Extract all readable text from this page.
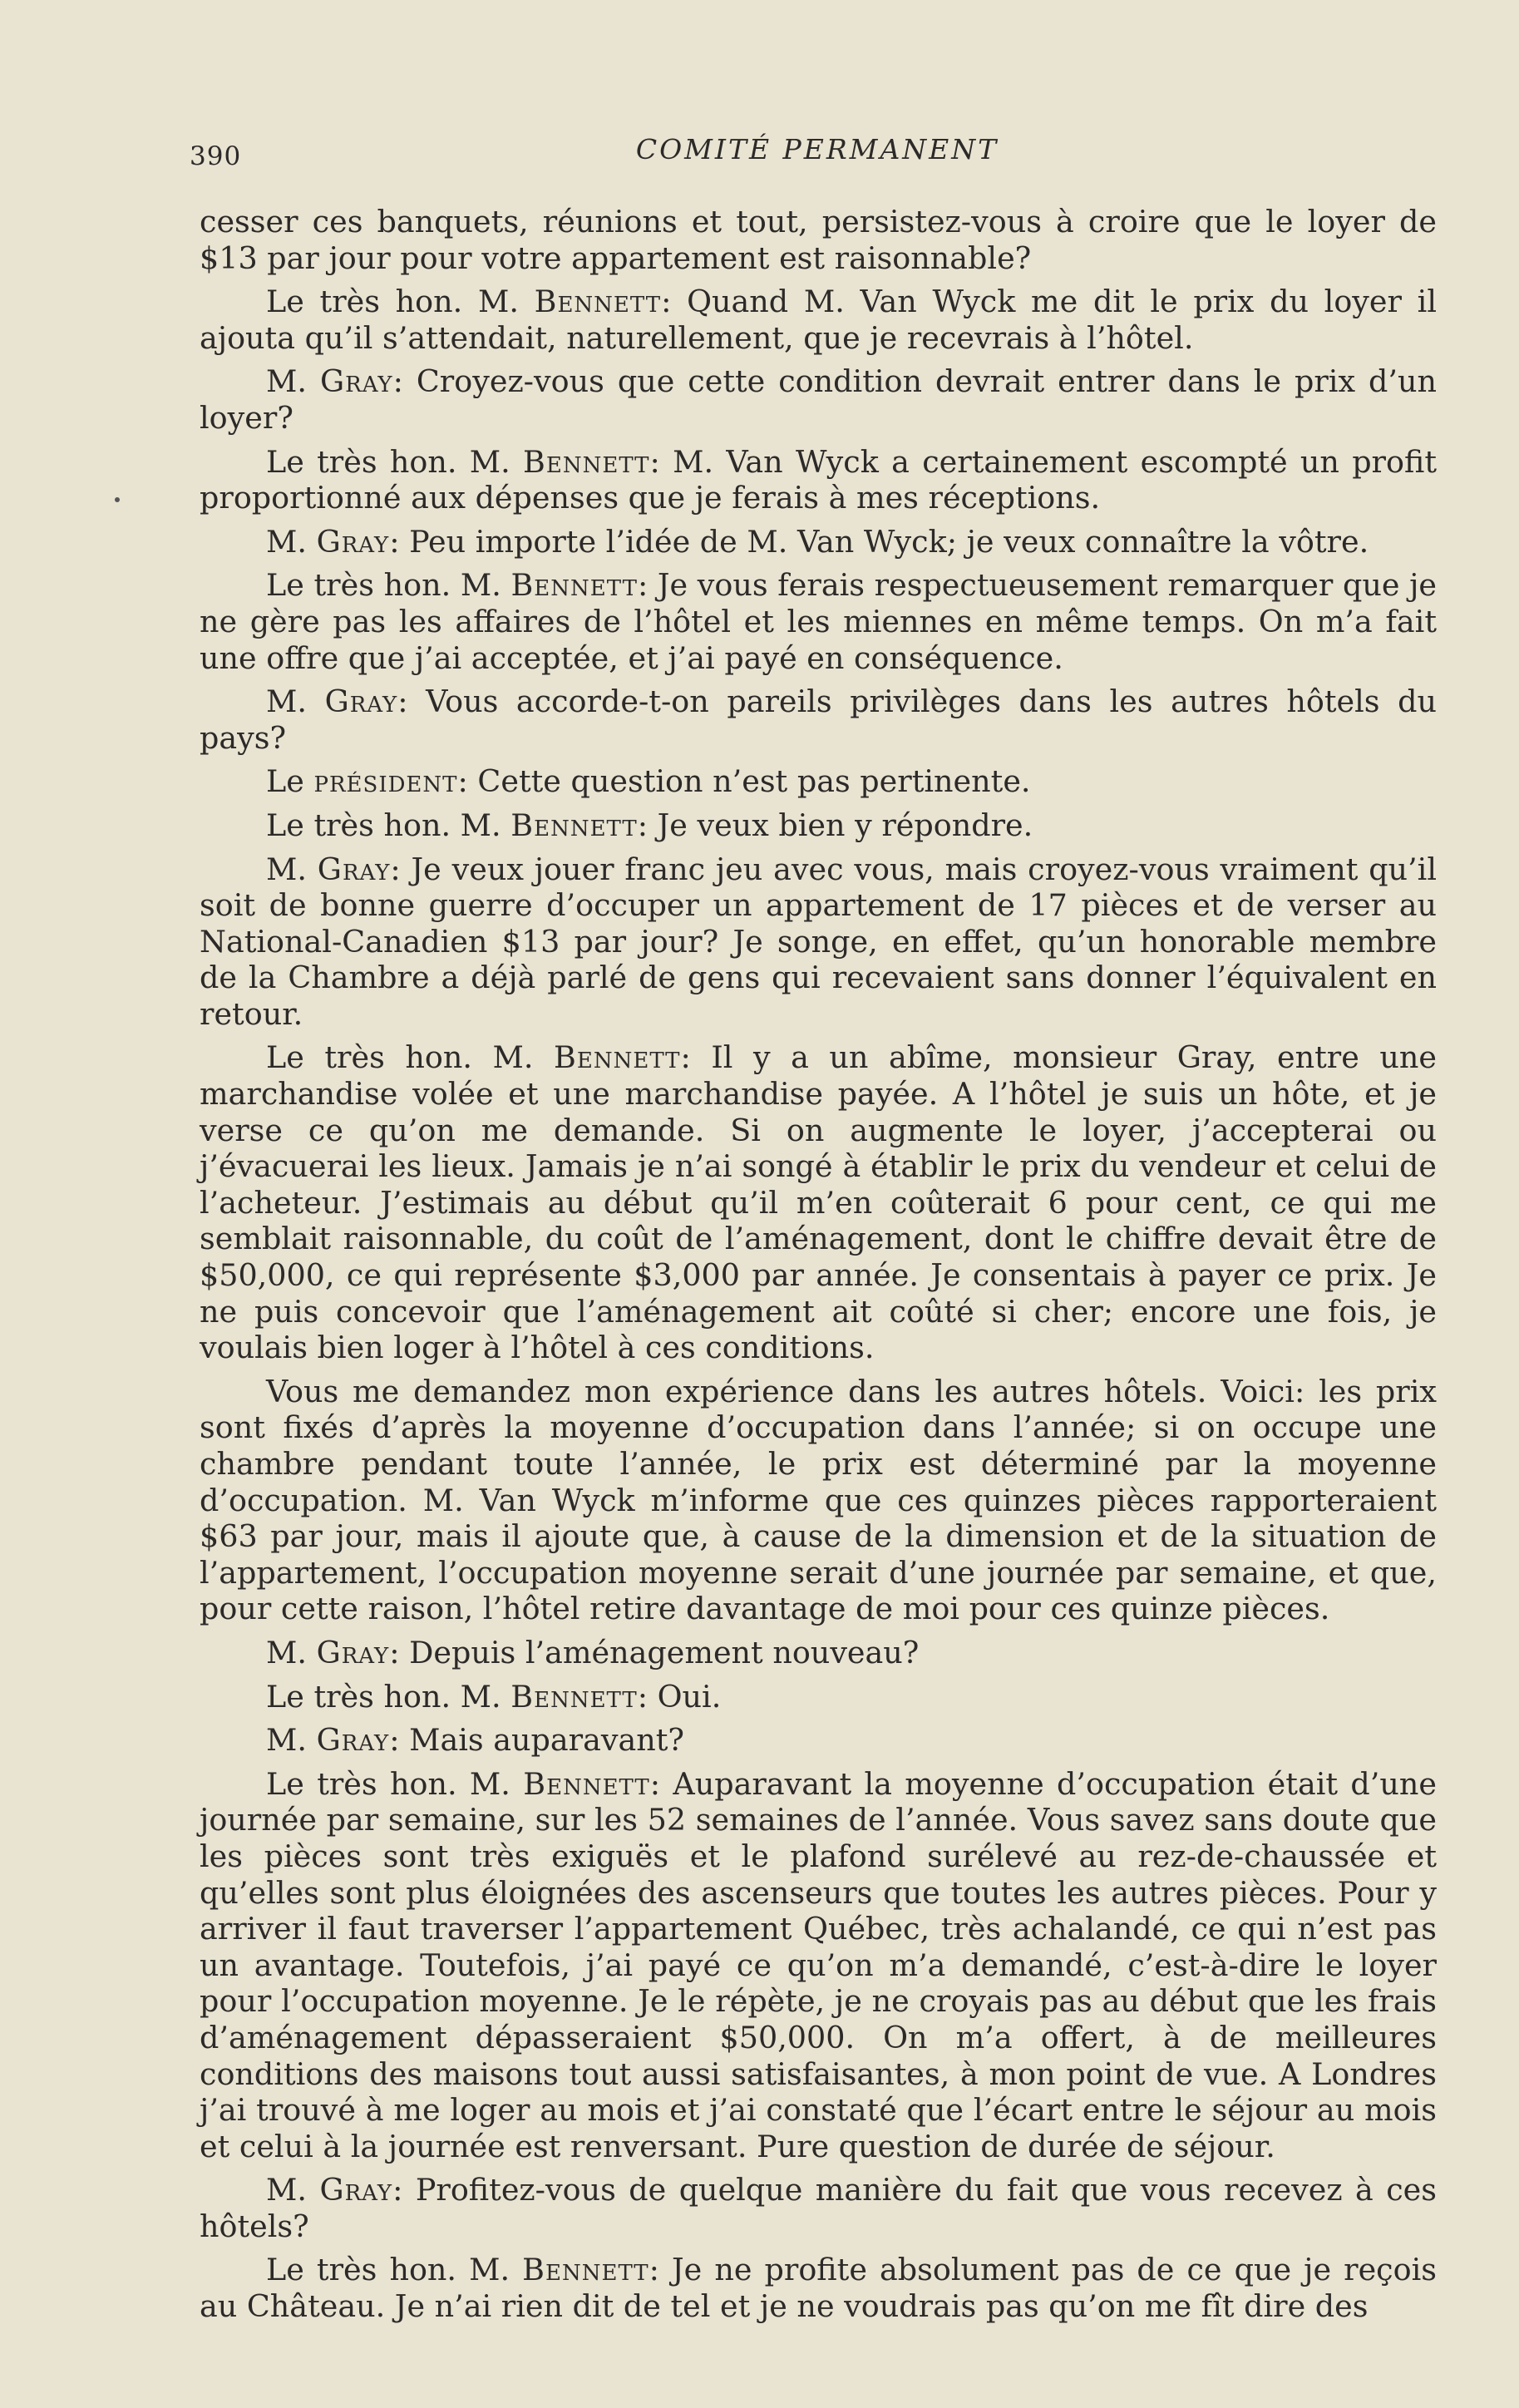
390	COMITÉ PERMANENT

cesser ces banquets, réunions et tout, persistez-vous à croire que le loyer de $13 par jour pour votre appartement est raisonnable?

Le très hon. M. Bennett: Quand M. Van Wyck me dit le prix du loyer il ajouta qu’il s’attendait, naturellement, que je recevrais à l’hôtel.

M. Gray: Croyez-vous que cette condition devrait entrer dans le prix d’un loyer?

Le très hon. M. Bennett: M. Van Wyck a certainement escompté un profit proportionné aux dépenses que je ferais à mes réceptions.

M. Gray: Peu importe l’idée de M. Van Wyck; je veux connaître la vôtre.

Le très hon. M. Bennett: Je vous ferais respectueusement remarquer que je ne gère pas les affaires de l’hôtel et les miennes en même temps. On m’a fait une offre que j’ai acceptée, et j’ai payé en conséquence.

M. Gray: Vous accorde-t-on pareils privilèges dans les autres hôtels du pays?

Le président: Cette question n’est pas pertinente.

Le très hon. M. Bennett: Je veux bien y répondre.

M. Gray: Je veux jouer franc jeu avec vous, mais croyez-vous vraiment qu’il soit de bonne guerre d’occuper un appartement de 17 pièces et de verser au National-Canadien $13 par jour? Je songe, en effet, qu’un honorable membre de la Chambre a déjà parlé de gens qui recevaient sans donner l’équivalent en retour.

Le très hon. M. Bennett: Il y a un abîme, monsieur Gray, entre une marchandise volée et une marchandise payée. A l’hôtel je suis un hôte, et je verse ce qu’on me demande. Si on augmente le loyer, j’accepterai ou j’évacuerai les lieux. Jamais je n’ai songé à établir le prix du vendeur et celui de l’acheteur. J’estimais au début qu’il m’en coûterait 6 pour cent, ce qui me semblait raisonnable, du coût de l’aménagement, dont le chiffre devait être de $50,000, ce qui représente $3,000 par année. Je consentais à payer ce prix. Je ne puis concevoir que l’aménagement ait coûté si cher; encore une fois, je voulais bien loger à l’hôtel à ces conditions.

Vous me demandez mon expérience dans les autres hôtels. Voici: les prix sont fixés d’après la moyenne d’occupation dans l’année; si on occupe une chambre pendant toute l’année, le prix est déterminé par la moyenne d’occupation. M. Van Wyck m’informe que ces quinzes pièces rapporteraient $63 par jour, mais il ajoute que, à cause de la dimension et de la situation de l’appartement, l’occupation moyenne serait d’une journée par semaine, et que, pour cette raison, l’hôtel retire davantage de moi pour ces quinze pièces.

M. Gray: Depuis l’aménagement nouveau?

Le très hon. M. Bennett: Oui.

M. Gray: Mais auparavant?

Le très hon. M. Bennett: Auparavant la moyenne d’occupation était d’une journée par semaine, sur les 52 semaines de l’année. Vous savez sans doute que les pièces sont très exiguës et le plafond surélevé au rez-de-chaussée et qu’elles sont plus éloignées des ascenseurs que toutes les autres pièces. Pour y arriver il faut traverser l’appartement Québec, très achalandé, ce qui n’est pas un avantage. Toutefois, j’ai payé ce qu’on m’a demandé, c’est-à-dire le loyer pour l’occupation moyenne. Je le répète, je ne croyais pas au début que les frais d’aménagement dépasseraient $50,000. On m’a offert, à de meilleures conditions des maisons tout aussi satisfaisantes, à mon point de vue. A Londres j’ai trouvé à me loger au mois et j’ai constaté que l’écart entre le séjour au mois et celui à la journée est renversant. Pure question de durée de séjour.

M. Gray: Profitez-vous de quelque manière du fait que vous recevez à ces hôtels?

Le très hon. M. Bennett: Je ne profite absolument pas de ce que je reçois au Château. Je n’ai rien dit de tel et je ne voudrais pas qu’on me fît dire des
